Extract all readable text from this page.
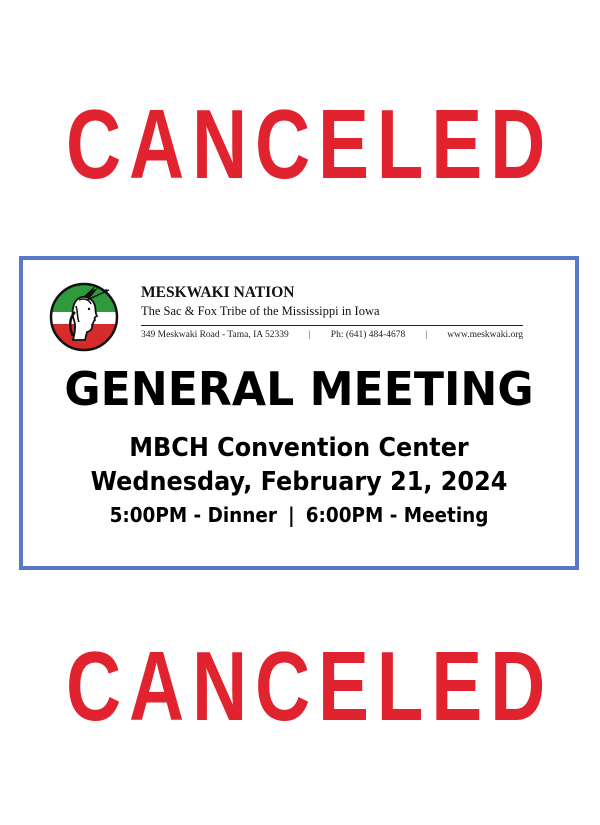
CANCELED
MESKWAKI NATION
The Sac & Fox Tribe of the Mississippi in Iowa
349 Meskwaki Road - Tama, IA 52339 | Ph: (641) 484-4678 | www.meskwaki.org
GENERAL MEETING
MBCH Convention Center
Wednesday, February 21, 2024
5:00PM - Dinner | 6:00PM - Meeting
CANCELED
